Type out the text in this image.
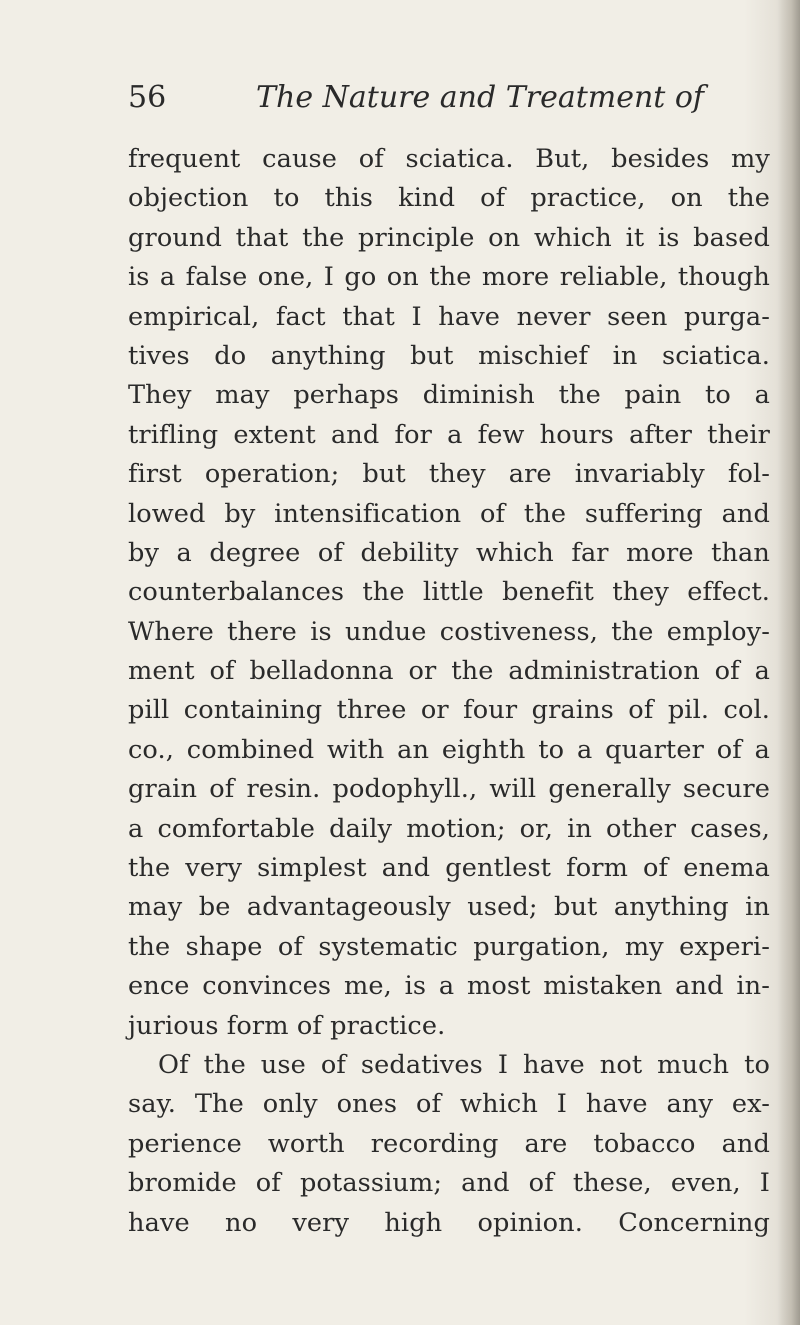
56	The Nature and Treatment of
frequent cause of sciatica. But, besides my
objection to this kind of practice, on the
ground that the principle on which it is based
is a false one, I go on the more reliable, though
empirical, fact that I have never seen purga-
tives do anything but mischief in sciatica.
They may perhaps diminish the pain to a
trifling extent and for a few hours after their
first operation; but they are invariably fol-
lowed by intensification of the suffering and
by a degree of debility which far more than
counterbalances the little benefit they effect.
Where there is undue costiveness, the employ-
ment of belladonna or the administration of a
pill containing three or four grains of pil. col.
co., combined with an eighth to a quarter of a
grain of resin. podophyll., will generally secure
a comfortable daily motion; or, in other cases,
the very simplest and gentlest form of enema
may be advantageously used; but anything in
the shape of systematic purgation, my experi-
ence convinces me, is a most mistaken and in-
jurious form of practice.
Of the use of sedatives I have not much to
say. The only ones of which I have any ex-
perience worth recording are tobacco and
bromide of potassium; and of these, even, I
have no very high opinion. Concerning
